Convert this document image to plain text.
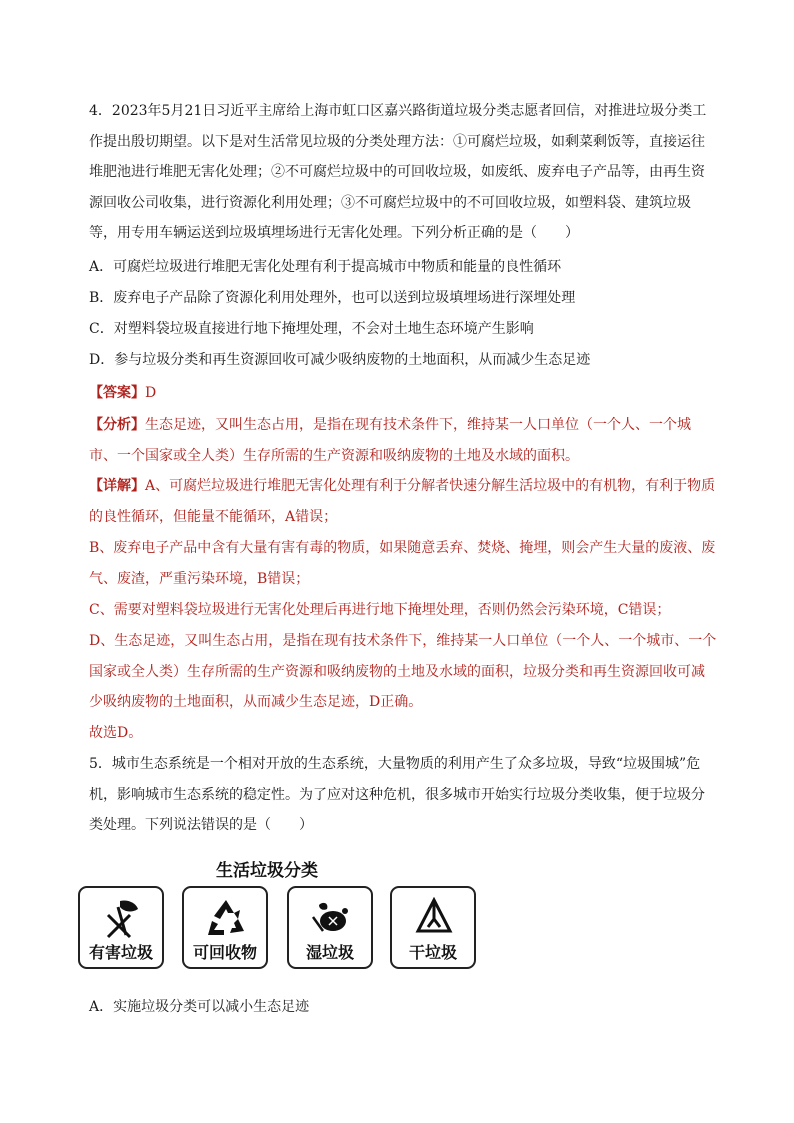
4．2023年5月21日习近平主席给上海市虹口区嘉兴路街道垃圾分类志愿者回信，对推进垃圾分类工作提出殷切期望。以下是对生活常见垃圾的分类处理方法：①可腐烂垃圾，如剩菜剩饭等，直接运往堆肥池进行堆肥无害化处理；②不可腐烂垃圾中的可回收垃圾，如废纸、废弃电子产品等，由再生资源回收公司收集，进行资源化利用处理；③不可腐烂垃圾中的不可回收垃圾，如塑料袋、建筑垃圾等，用专用车辆运送到垃圾填埋场进行无害化处理。下列分析正确的是（　　）

A．可腐烂垃圾进行堆肥无害化处理有利于提高城市中物质和能量的良性循环

B．废弃电子产品除了资源化利用处理外，也可以送到垃圾填埋场进行深埋处理

C．对塑料袋垃圾直接进行地下掩埋处理，不会对土地生态环境产生影响

D．参与垃圾分类和再生资源回收可减少吸纳废物的土地面积，从而减少生态足迹

【答案】D

【分析】生态足迹，又叫生态占用，是指在现有技术条件下，维持某一人口单位（一个人、一个城市、一个国家或全人类）生存所需的生产资源和吸纳废物的土地及水域的面积。

【详解】A、可腐烂垃圾进行堆肥无害化处理有利于分解者快速分解生活垃圾中的有机物，有利于物质的良性循环，但能量不能循环，A错误；

B、废弃电子产品中含有大量有害有毒的物质，如果随意丢弃、焚烧、掩埋，则会产生大量的废液、废气、废渣，严重污染环境，B错误；

C、需要对塑料袋垃圾进行无害化处理后再进行地下掩埋处理，否则仍然会污染环境，C错误；

D、生态足迹，又叫生态占用，是指在现有技术条件下，维持某一人口单位（一个人、一个城市、一个国家或全人类）生存所需的生产资源和吸纳废物的土地及水域的面积，垃圾分类和再生资源回收可减少吸纳废物的土地面积，从而减少生态足迹，D正确。

故选D。

5．城市生态系统是一个相对开放的生态系统，大量物质的利用产生了众多垃圾，导致“垃圾围城”危机，影响城市生态系统的稳定性。为了应对这种危机，很多城市开始实行垃圾分类收集，便于垃圾分类处理。下列说法错误的是（　　）

生活垃圾分类
有害垃圾	可回收物	湿垃圾	干垃圾

A．实施垃圾分类可以减小生态足迹
